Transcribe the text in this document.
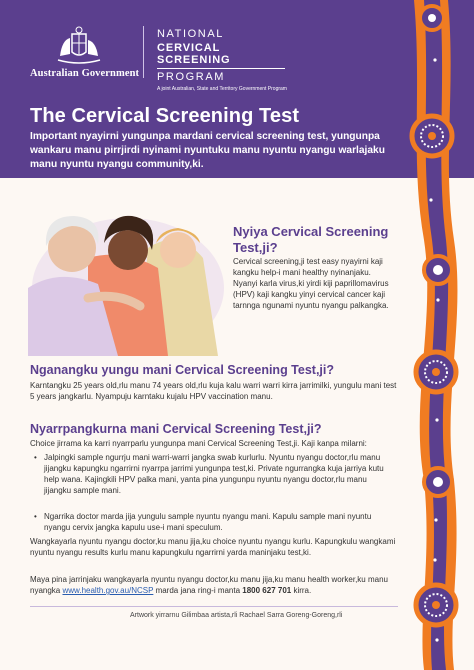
Australian Government
NATIONAL
CERVICAL SCREENING
PROGRAM
A joint Australian, State and Territory Government Program
The Cervical Screening Test
Important nyayirni yungunpa mardani cervical screening test, yungunpa wankaru manu pirrjirdi nyinami nyuntuku manu nyuntu nyangu warlajaku manu nyuntu nyangu community,ki.
Nyiya Cervical Screening Test,ji?
Cervical screening,ji test easy nyayirni kaji kangku help-i mani healthy nyinanjaku. Nyanyi karla virus,ki yirdi kiji paprillomavirus (HPV) kaji kangku yinyi cervical cancer kaji tarnnga ngunami nyuntu nyangu palkangka.
Nganangku yungu mani Cervical Screening Test,ji?
Karntangku 25 years old,rlu manu 74 years old,rlu kuja kalu warri warri kirra jarrimilki, yungulu mani test 5 years jangkarlu. Nyampuju karntaku kujalu HPV vaccination manu.
Nyarrpangkurna mani Cervical Screening Test,ji?
Choice jirrama ka karri nyarrparlu yungunpa mani Cervical Screening Test,ji. Kaji kanpa milarni:
• Jalpingki sample ngurrju mani warri-warri jangka swab kurlurlu. Nyuntu nyangu doctor,rlu manu jijangku kapungku ngarrirni nyarrpa jarrimi yungunpa test,ki. Private ngurrangka kuja jarriya kutu help wana. Kajingkili HPV palka mani, yanta pina yungunpu nyuntu nyangu doctor,rlu manu jijangku sample mani.
• Ngarrika doctor marda jija yungulu sample nyuntu nyangu mani. Kapulu sample mani nyuntu nyangu cervix jangka kapulu use-i mani speculum.
Wangkayarla nyuntu nyangu doctor,ku manu jija,ku choice nyuntu nyangu kurlu. Kapungkulu wangkami nyuntu nyangu results kurlu manu kapungkulu ngarrirni yarda maninjaku test,ki.
Maya pina jarrinjaku wangkayarla nyuntu nyangu doctor,ku manu jija,ku manu health worker,ku manu nyangka www.health.gov.au/NCSP marda jana ring-i manta 1800 627 701 kirra.
Artwork yirrarnu Gilimbaa artista,rli Rachael Sarra Goreng-Goreng,rli
